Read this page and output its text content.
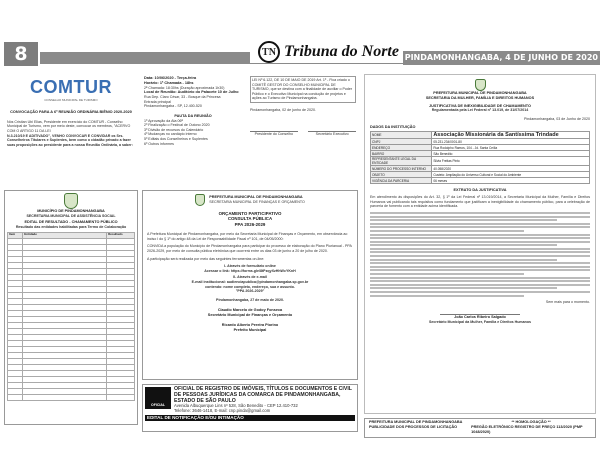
8	TN Tribuna do Norte PINDAMONHANGABA, 4 DE JUNHO DE 2020
COMTUR
CONSELHO MUNICIPAL DE TURISMO
CONVOCAÇÃO PARA A 6ª REUNIÃO ORDINÁRIA BIÊNIO 2020-2020
Nós Cristian Ubi Elias, Presidente em exercício do COMTUR - Conselho Municipal de Turismo, vem por meio deste, convocar os membros, "ACERVO COM O ARTIGO 11 DA LEI
N.3.210/19 E ADITIVADO", VENHO CONVOCAR E CONVIDAR os Srs. Conselheiros Titulares e Suplentes, bem como o cidadão privado a fazer suas proposições ao presidente para a nossa Reunião Ordinária, a saber:
Data: 10/06/2020 - Terça-feira
Horário: 1ª Chamada - 18hs
2ª Chamada: 18:30hs (Duração aproximada 1h30)
Local de Reunião: Auditório do Palacete 10 de Julho
Rua Dep. Claro César, 33 - Bosque da Princesa
Entrada principal
Pindamonhangaba - SP, 12.400-520
PAUTA DA REUNIÃO
1º Aprovação da Ata 06ª
2º Finalização o Festival de Outono 2020
3º Divisão de recursos do Calendário
4º Mudanças no cardápio interno
5º Editais dos Conselheiros e Suplentes
6º Outros informes
LEI Nº 6.122, DE 10 DE MAIO DE 2019 Art. 1º - Fica criado o COMITÊ GESTOR DO CONSELHO MUNICIPAL DE TURISMO, que se destina com a finalidade de auxiliar o Poder Público e o Executivo Municipal na condução de projetos e ações ao Turismo de Pindamonhangaba.
Pindamonhangaba, 02 de junho de 2020.
Presidente do Conselho	Secretário Executivo
PREFEITURA MUNICIPAL DE PINDAMONHANGABA
SECRETARIA DA MULHER, FAMÍLIA E DIREITOS HUMANOS
JUSTIFICATIVA DE INEXIGIBILIDADE DE CHAMAMENTO
Regulamentada pela Lei Federal nº 13.019, de 31/07/2014
Pindamonhangaba, 03 de Junho de 2020
DADOS DA INSTITUIÇÃO
NOME	Associação Missionária da Santíssima Trindade
CNPJ	05.231.234/0001-80
ENDEREÇO	Rua Rodolpho Ramos, 104 - Jd. Santa Ceília
BAIRRO	São Benedito
REPRESENTANTE LEGAL DA ENTIDADE	Silvia Freitas Pinto
NÚMERO DO PROCESSO INTERNO	40.058/2020
OBJETO	Custeio: Ampliação do Universo Cultural e Social do Ambiente
VIGÊNCIA DA PARCERIA	06 meses
EXTRATO DA JUSTIFICATIVA
Em atendimento às disposições do Art. 32, § 1º da Lei Federal nº 13.019/2014, a Secretaria Municipal da Mulher, Família e Direitos Humanos vai publicando tais requisitos como fundamento que justificam a inexigibilidade do chamamento público, para a celebração de parceria de fomento com a entidade acima identificada.
Sem mais para o momento.
João Carlos Ribeiro Salgado
Secretário Municipal da Mulher, Família e Direitos Humanos
MUNICÍPIO DE PINDAMONHANGABA
SECRETARIA MUNICIPAL DE ASSISTÊNCIA SOCIAL
EDITAL DE RESULTADO - CHAMAMENTO PÚBLICO
Resultado das entidades habilitadas para Termo de Colaboração
Item	Entidade	Resultado

PREFEITURA MUNICIPAL DE PINDAMONHANGABA
SECRETARIA MUNICIPAL DE FINANÇAS E ORÇAMENTO
ORÇAMENTO PARTICIPATIVO
CONSULTA PÚBLICA
PPA 2026-2029
A Prefeitura Municipal de Pindamonhangaba, por meio da Secretaria Municipal de Finanças e Orçamento, em observância ao inciso I do § 1º do artigo 48 da Lei de Responsabilidade Fiscal nº 101, de 04/05/2000:
CONVIDA a população do Município de Pindamonhangaba para participar do processo de elaboração do Plano Plurianual - PPA 2026-2029, por meio de consulta pública eletrônica que ocorrerá entre os dias 03 de junho a 20 de julho de 2020.
A participação será realizada por meio das seguintes ferramentas on-line:
I- Através de formulário online
Acessar o link: https://forms.gle/8tPzqyXzHhWcYKnH
II- Através de e-mail
E-mail institucional: audienciapublica@pindamonhangaba.sp.gov.br
contendo: nome completo, endereço, sua e assunto.
"PPA 2026-2029"
Pindamonhangaba, 27 de maio de 2020.
Claudio Marcelo de Godoy Fonseca
Secretário Municipal de Finanças e Orçamento
Ricardo Alberto Pereira Piorino
Prefeito Municipal
OFICIAL
OFICIAL DE REGISTRO DE IMÓVEIS, TÍTULOS E DOCUMENTOS E CIVIL DE PESSOAS JURÍDICAS DA COMARCA DE PINDAMONHANGABA, ESTADO DE SÃO PAULO
Avenida Albuquerque Lins nº 528, São Benedito - CEP 12.410-732
Telefone: 3646-1418, E-mail: cnp.pinda@gmail.com
EDITAL DE NOTIFICAÇÃO E/OU INTIMAÇÃO
PREFEITURA MUNICIPAL DE PINDAMONHANGABA
PUBLICIDADE DOS PROCESSOS DE LICITAÇÃO
** HOMOLOGAÇÃO **
PREGÃO ELETRÔNICO REGISTRO DE PREÇO 113/2020 (PMP 1048/2020)
